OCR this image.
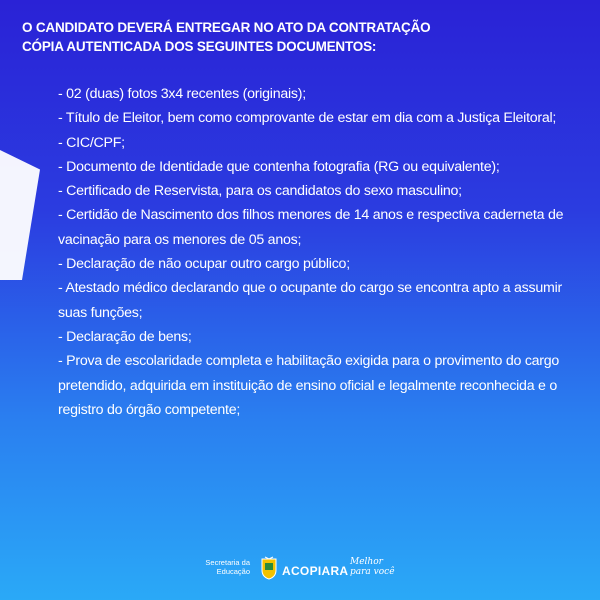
O CANDIDATO DEVERÁ ENTREGAR NO ATO DA CONTRATAÇÃO
CÓPIA AUTENTICADA DOS SEGUINTES DOCUMENTOS:
- 02 (duas) fotos 3x4 recentes (originais);
- Título de Eleitor, bem como comprovante de estar em dia com a Justiça Eleitoral;
- CIC/CPF;
- Documento de Identidade que contenha fotografia (RG ou equivalente);
- Certificado de Reservista, para os candidatos do sexo masculino;
- Certidão de Nascimento dos filhos menores de 14 anos e respectiva caderneta de
vacinação para os menores de 05 anos;
- Declaração de não ocupar outro cargo público;
- Atestado médico declarando que o ocupante do cargo se encontra apto a assumir
suas funções;
- Declaração de bens;
- Prova de escolaridade completa e habilitação exigida para o provimento do cargo
pretendido, adquirida em instituição de ensino oficial e legalmente reconhecida e o
registro do órgão competente;
Secretaria da
Educação	ACOPIARA
Melhor
para você
